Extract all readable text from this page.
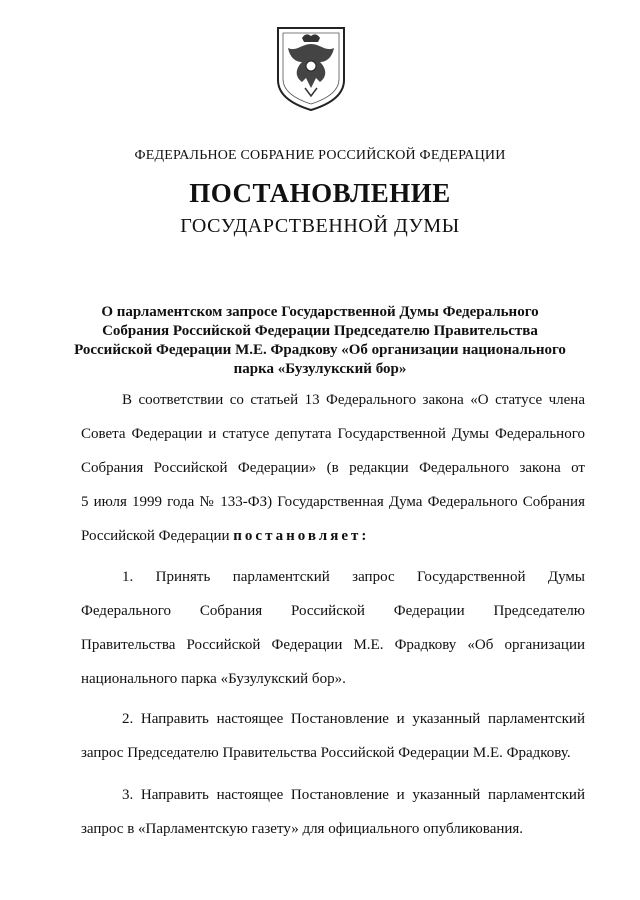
ФЕДЕРАЛЬНОЕ СОБРАНИЕ РОССИЙСКОЙ ФЕДЕРАЦИИ
ПОСТАНОВЛЕНИЕ
ГОСУДАРСТВЕННОЙ ДУМЫ
О парламентском запросе Государственной Думы Федерального
Собрания Российской Федерации Председателю Правительства
Российской Федерации М.Е. Фрадкову «Об организации национального
парка «Бузулукский бор»
В соответствии со статьей 13 Федерального закона «О статусе члена
Совета Федерации и статусе депутата Государственной Думы Федерального
Собрания Российской Федерации» (в редакции Федерального закона от
5 июля 1999 года № 133-ФЗ) Государственная Дума Федерального Собрания
Российской Федерации постановляет:
1. Принять парламентский запрос Государственной Думы
Федерального Собрания Российской Федерации Председателю
Правительства Российской Федерации М.Е. Фрадкову «Об организации
национального парка «Бузулукский бор».
2. Направить настоящее Постановление и указанный парламентский
запрос Председателю Правительства Российской Федерации М.Е. Фрадкову.
3. Направить настоящее Постановление и указанный парламентский
запрос в «Парламентскую газету» для официального опубликования.
